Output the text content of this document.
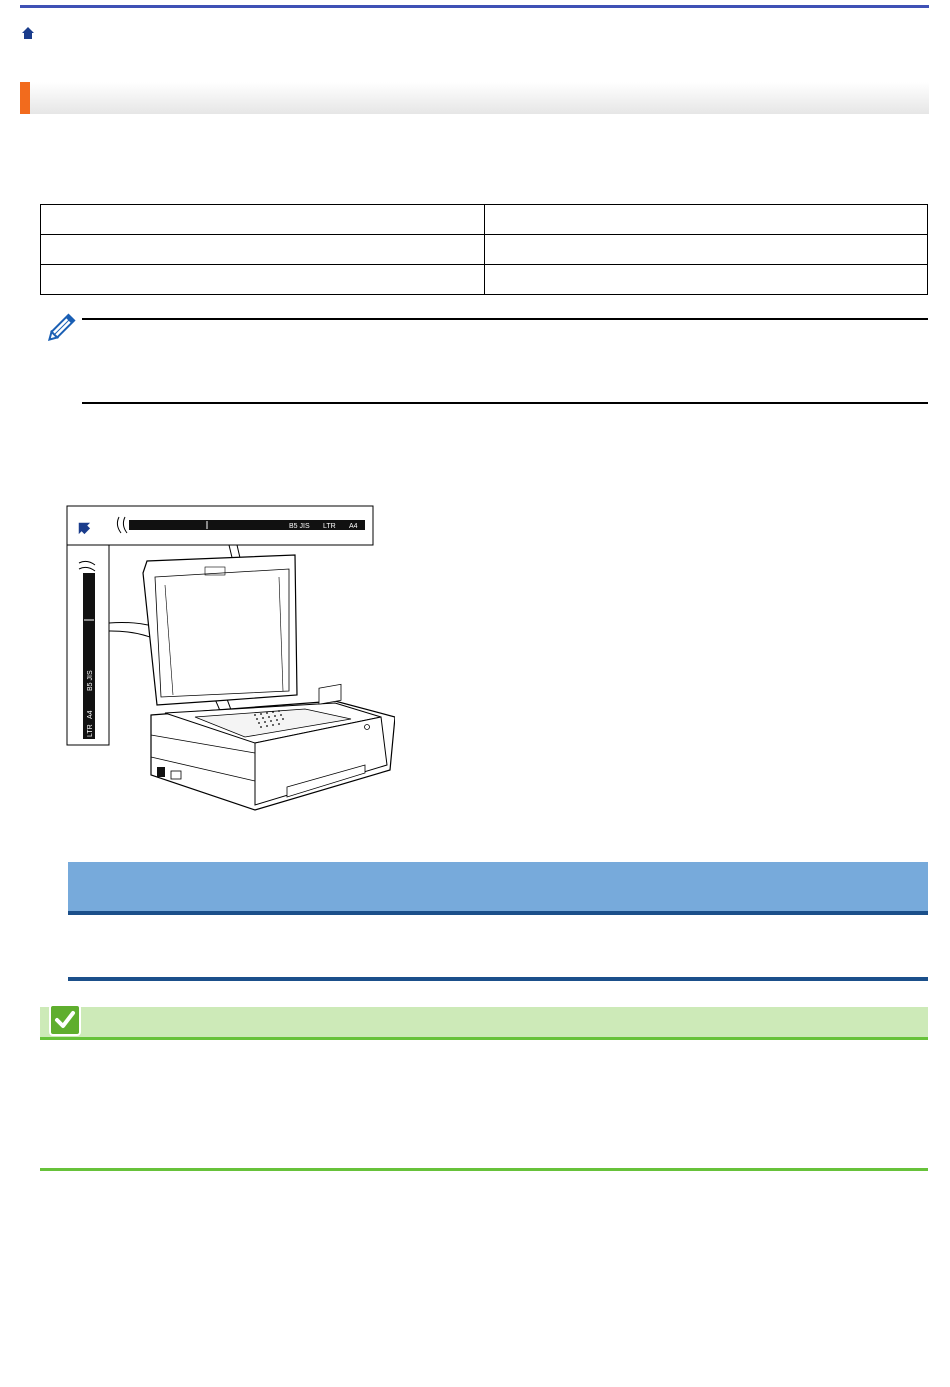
B5 JIS LTR A4
B5 JIS
LTR
A4
